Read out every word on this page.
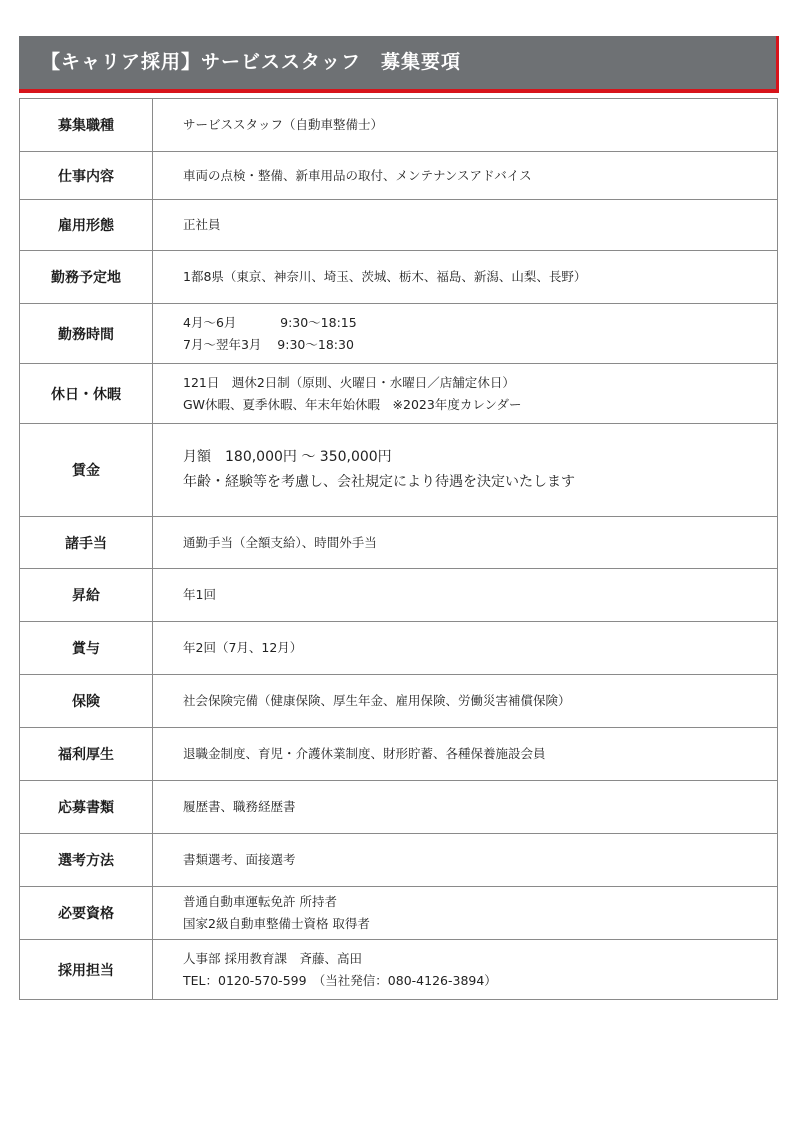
【キャリア採用】サービススタッフ　募集要項
募集職種	サービススタッフ（自動車整備士）

仕事内容	車両の点検・整備、新車用品の取付、メンテナンスアドバイス

雇用形態	正社員

勤務予定地	1都8県（東京、神奈川、埼玉、茨城、栃木、福島、新潟、山梨、長野）

勤務時間	4月～6月           9:30～18:15
7月～翌年3月    9:30～18:30

休日・休暇	121日　週休2日制（原則、火曜日・水曜日／店舗定休日）
GW休暇、夏季休暇、年末年始休暇　※2023年度カレンダー

賃金	月額　180,000円 ～ 350,000円
年齢・経験等を考慮し、会社規定により待遇を決定いたします

諸手当	通勤手当（全額支給）、時間外手当

昇給	年1回

賞与	年2回（7月、12月）

保険	社会保険完備（健康保険、厚生年金、雇用保険、労働災害補償保険）

福利厚生	退職金制度、育児・介護休業制度、財形貯蓄、各種保養施設会員

応募書類	履歴書、職務経歴書

選考方法	書類選考、面接選考

必要資格	普通自動車運転免許 所持者
国家2級自動車整備士資格 取得者

採用担当	人事部 採用教育課　斉藤、高田
TEL：0120-570-599　（当社発信：080-4126-3894）
